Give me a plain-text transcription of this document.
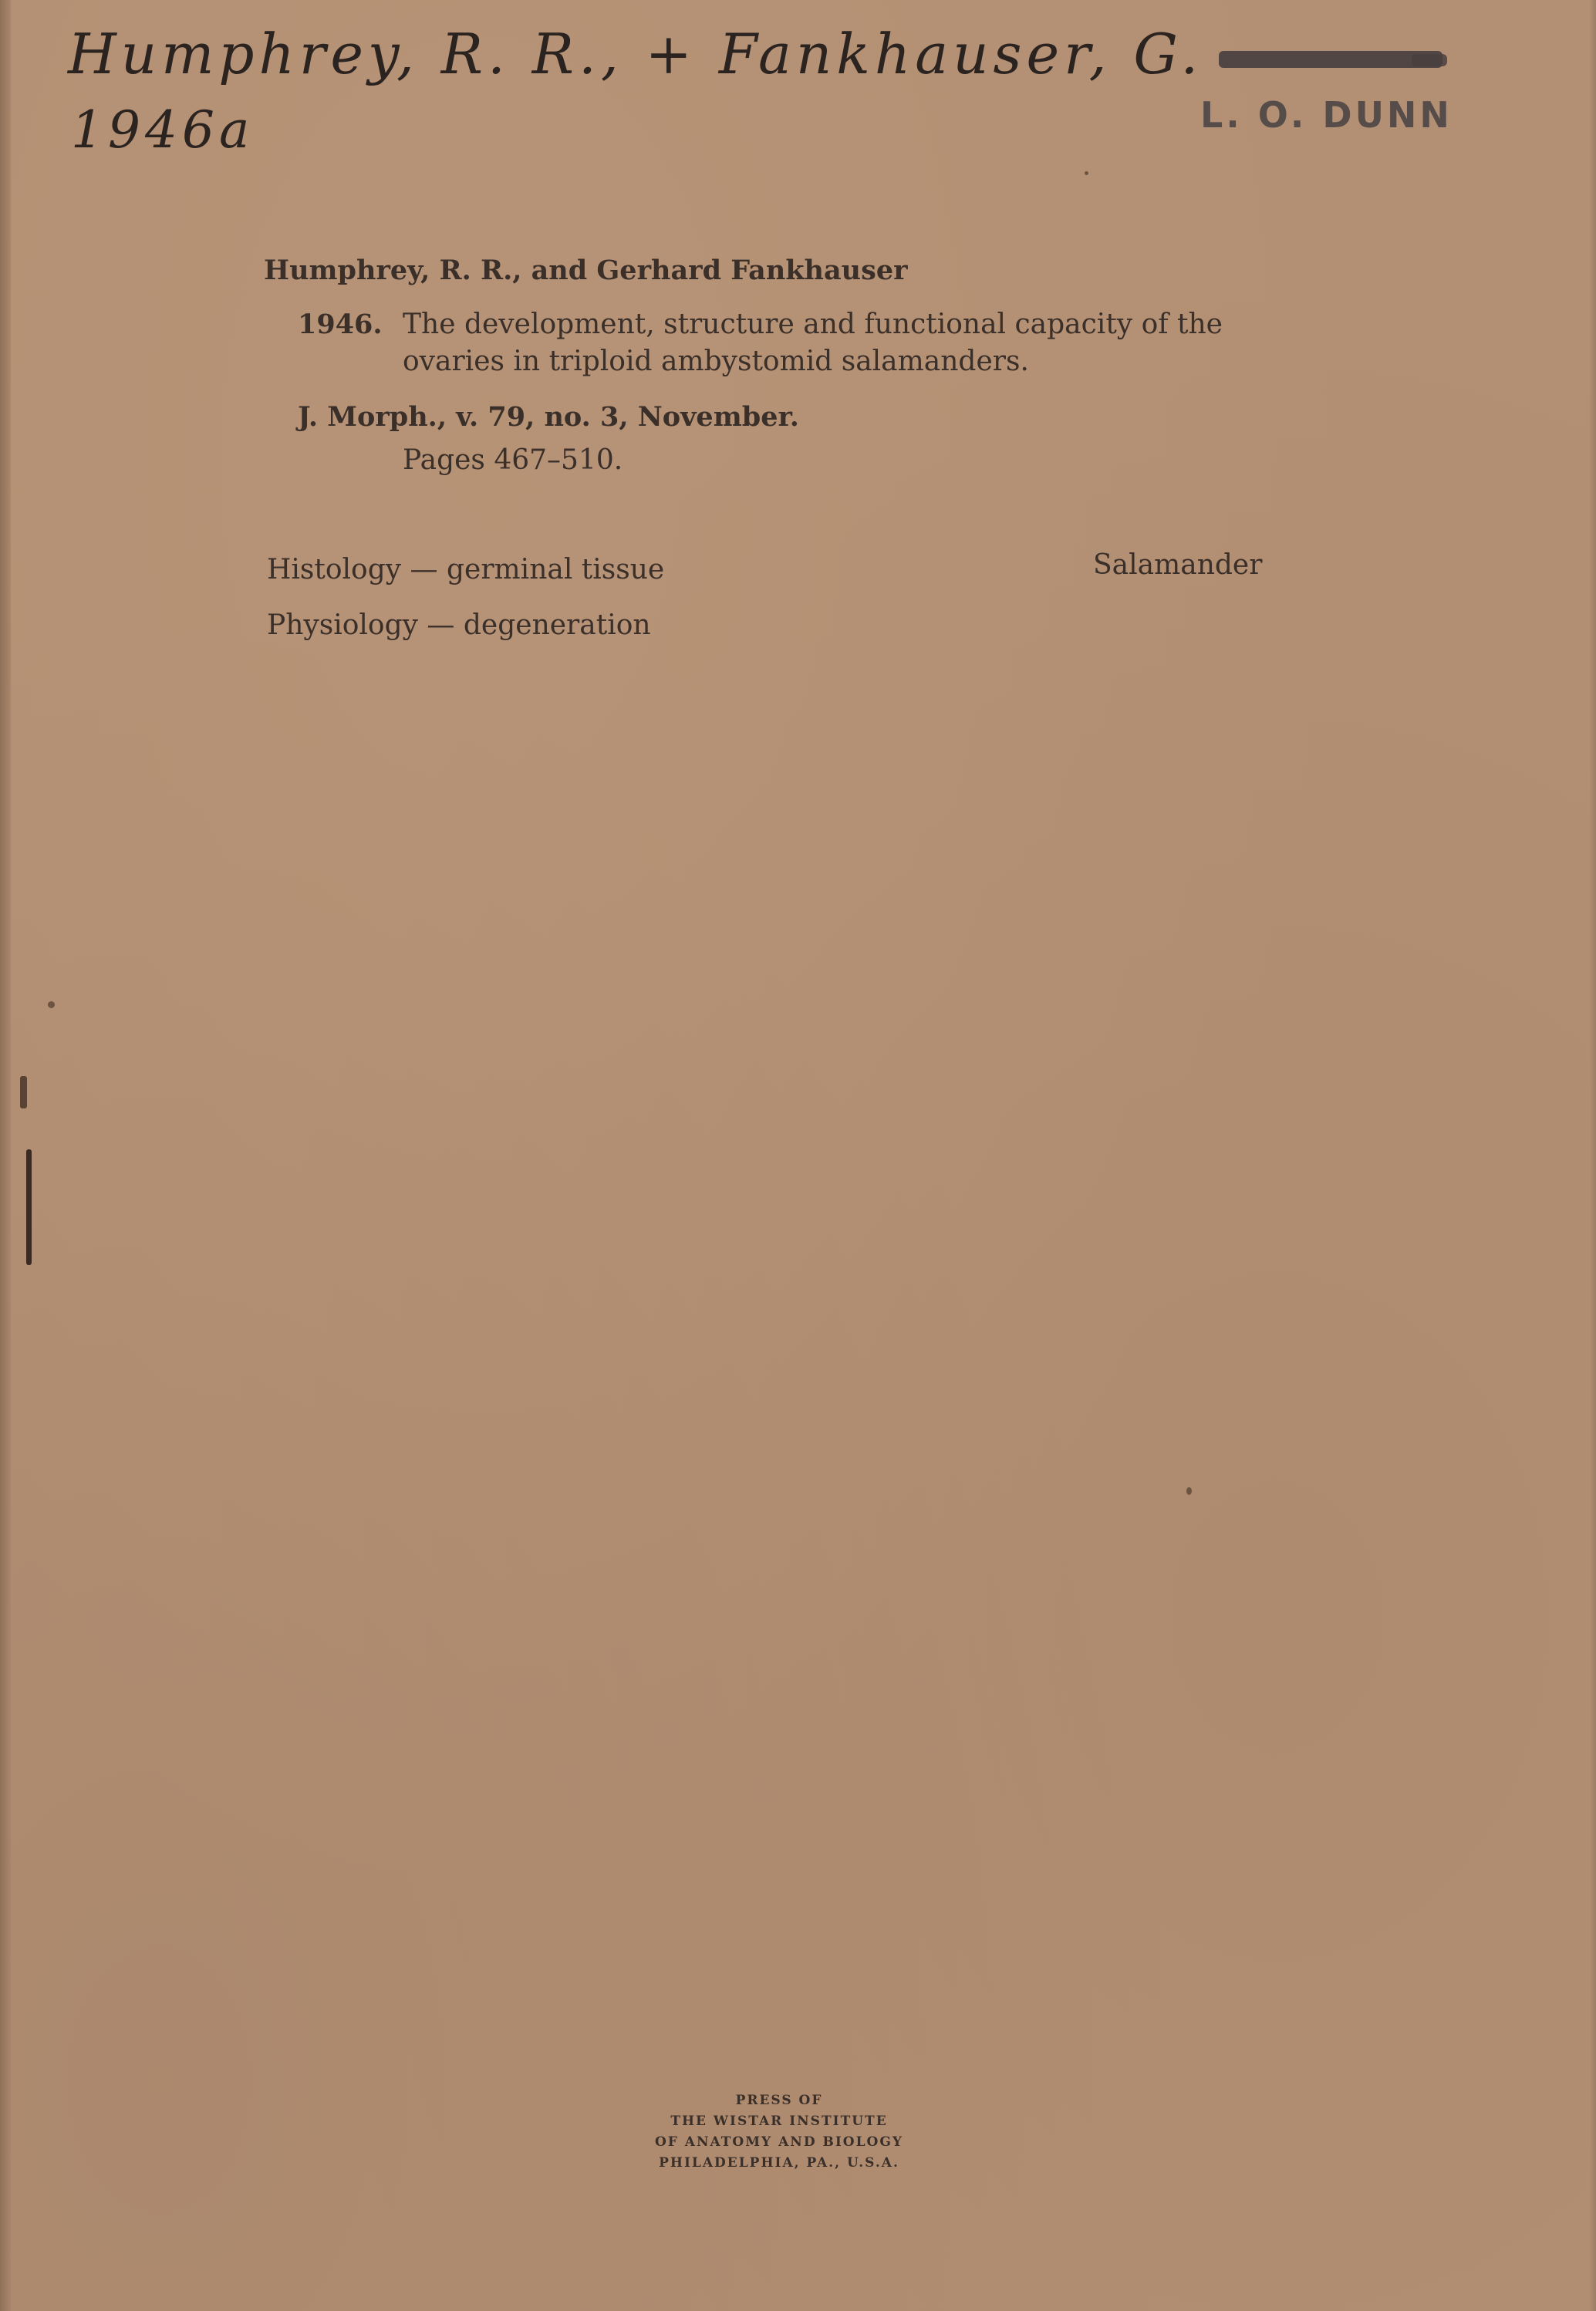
Humphrey, R. R., + Fankhauser, G.
1946a	L. O. DUNN
Humphrey, R. R., and Gerhard Fankhauser
1946. The development, structure and functional capacity of the
ovaries in triploid ambystomid salamanders.
J. Morph., v. 79, no. 3, November.
Pages 467–510.
Histology — germinal tissue
Physiology — degeneration
Salamander
PRESS OF
THE WISTAR INSTITUTE
OF ANATOMY AND BIOLOGY
PHILADELPHIA, PA., U.S.A.
